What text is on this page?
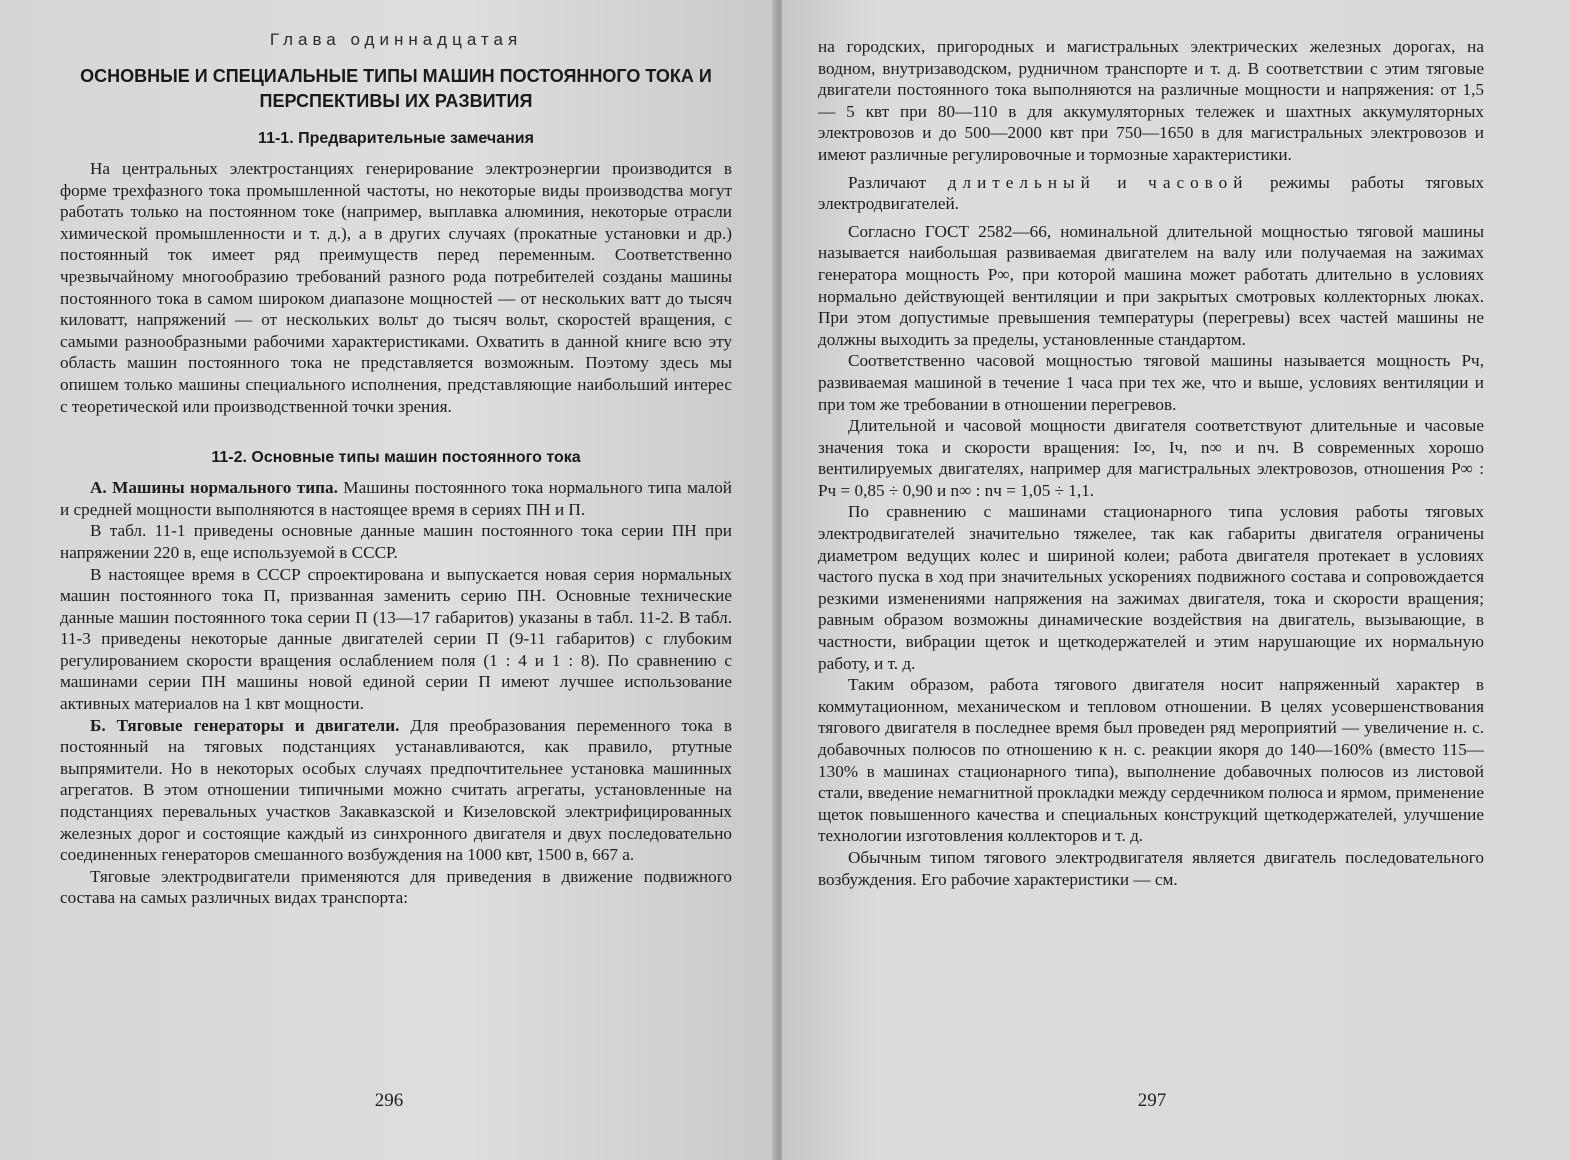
Глава одиннадцатая
ОСНОВНЫЕ И СПЕЦИАЛЬНЫЕ ТИПЫ МАШИН ПОСТОЯННОГО ТОКА И ПЕРСПЕКТИВЫ ИХ РАЗВИТИЯ
11-1. Предварительные замечания

На центральных электростанциях генерирование электроэнергии производится в форме трехфазного тока промышленной частоты, но некоторые виды производства могут работать только на постоянном токе (например, выплавка алюминия, некоторые отрасли химической промышленности и т. д.), а в других случаях (прокатные установки и др.) постоянный ток имеет ряд преимуществ перед переменным. Соответственно чрезвычайному многообразию требований разного рода потребителей созданы машины постоянного тока в самом широком диапазоне мощностей — от нескольких ватт до тысяч киловатт, напряжений — от нескольких вольт до тысяч вольт, скоростей вращения, с самыми разнообразными рабочими характеристиками. Охватить в данной книге всю эту область машин постоянного тока не представляется возможным. Поэтому здесь мы опишем только машины специального исполнения, представляющие наибольший интерес с теоретической или производственной точки зрения.

11-2. Основные типы машин постоянного тока

А. Машины нормального типа. Машины постоянного тока нормального типа малой и средней мощности выполняются в настоящее время в сериях ПН и П.

В табл. 11-1 приведены основные данные машин постоянного тока серии ПН при напряжении 220 в, еще используемой в СССР.

В настоящее время в СССР спроектирована и выпускается новая серия нормальных машин постоянного тока П, призванная заменить серию ПН. Основные технические данные машин постоянного тока серии П (13—17 габаритов) указаны в табл. 11-2. В табл. 11-3 приведены некоторые данные двигателей серии П (9-11 габаритов) с глубоким регулированием скорости вращения ослаблением поля (1 : 4 и 1 : 8). По сравнению с машинами серии ПН машины новой единой серии П имеют лучшее использование активных материалов на 1 квт мощности.

Б. Тяговые генераторы и двигатели. Для преобразования переменного тока в постоянный на тяговых подстанциях устанавливаются, как правило, ртутные выпрямители. Но в некоторых особых случаях предпочтительнее установка машинных агрегатов. В этом отношении типичными можно считать агрегаты, установленные на подстанциях перевальных участков Закавказской и Кизеловской электрифицированных железных дорог и состоящие каждый из синхронного двигателя и двух последовательно соединенных генераторов смешанного возбуждения на 1000 квт, 1500 в, 667 а.

Тяговые электродвигатели применяются для приведения в движение подвижного состава на самых различных видах транспорта:

296

на городских, пригородных и магистральных электрических железных дорогах, на водном, внутризаводском, рудничном транспорте и т. д. В соответствии с этим тяговые двигатели постоянного тока выполняются на различные мощности и напряжения: от 1,5 — 5 квт при 80—110 в для аккумуляторных тележек и шахтных аккумуляторных электровозов и до 500—2000 квт при 750—1650 в для магистральных электровозов и имеют различные регулировочные и тормозные характеристики.

Различают длительный и часовой режимы работы тяговых электродвигателей.

Согласно ГОСТ 2582—66, номинальной длительной мощностью тяговой машины называется наибольшая развиваемая двигателем на валу или получаемая на зажимах генератора мощность P∞, при которой машина может работать длительно в условиях нормально действующей вентиляции и при закрытых смотровых коллекторных люках. При этом допустимые превышения температуры (перегревы) всех частей машины не должны выходить за пределы, установленные стандартом.

Соответственно часовой мощностью тяговой машины называется мощность Pч, развиваемая машиной в течение 1 часа при тех же, что и выше, условиях вентиляции и при том же требовании в отношении перегревов.

Длительной и часовой мощности двигателя соответствуют длительные и часовые значения тока и скорости вращения: I∞, Iч, n∞ и nч. В современных хорошо вентилируемых двигателях, например для магистральных электровозов, отношения P∞ : Pч = 0,85 ÷ 0,90 и n∞ : nч = 1,05 ÷ 1,1.

По сравнению с машинами стационарного типа условия работы тяговых электродвигателей значительно тяжелее, так как габариты двигателя ограничены диаметром ведущих колес и шириной колеи; работа двигателя протекает в условиях частого пуска в ход при значительных ускорениях подвижного состава и сопровождается резкими изменениями напряжения на зажимах двигателя, тока и скорости вращения; равным образом возможны динамические воздействия на двигатель, вызывающие, в частности, вибрации щеток и щеткодержателей и этим нарушающие их нормальную работу, и т. д.

Таким образом, работа тягового двигателя носит напряженный характер в коммутационном, механическом и тепловом отношении. В целях усовершенствования тягового двигателя в последнее время был проведен ряд мероприятий — увеличение н. с. добавочных полюсов по отношению к н. с. реакции якоря до 140—160% (вместо 115—130% в машинах стационарного типа), выполнение добавочных полюсов из листовой стали, введение немагнитной прокладки между сердечником полюса и ярмом, применение щеток повышенного качества и специальных конструкций щеткодержателей, улучшение технологии изготовления коллекторов и т. д.

Обычным типом тягового электродвигателя является двигатель последовательного возбуждения. Его рабочие характеристики — см.

297
